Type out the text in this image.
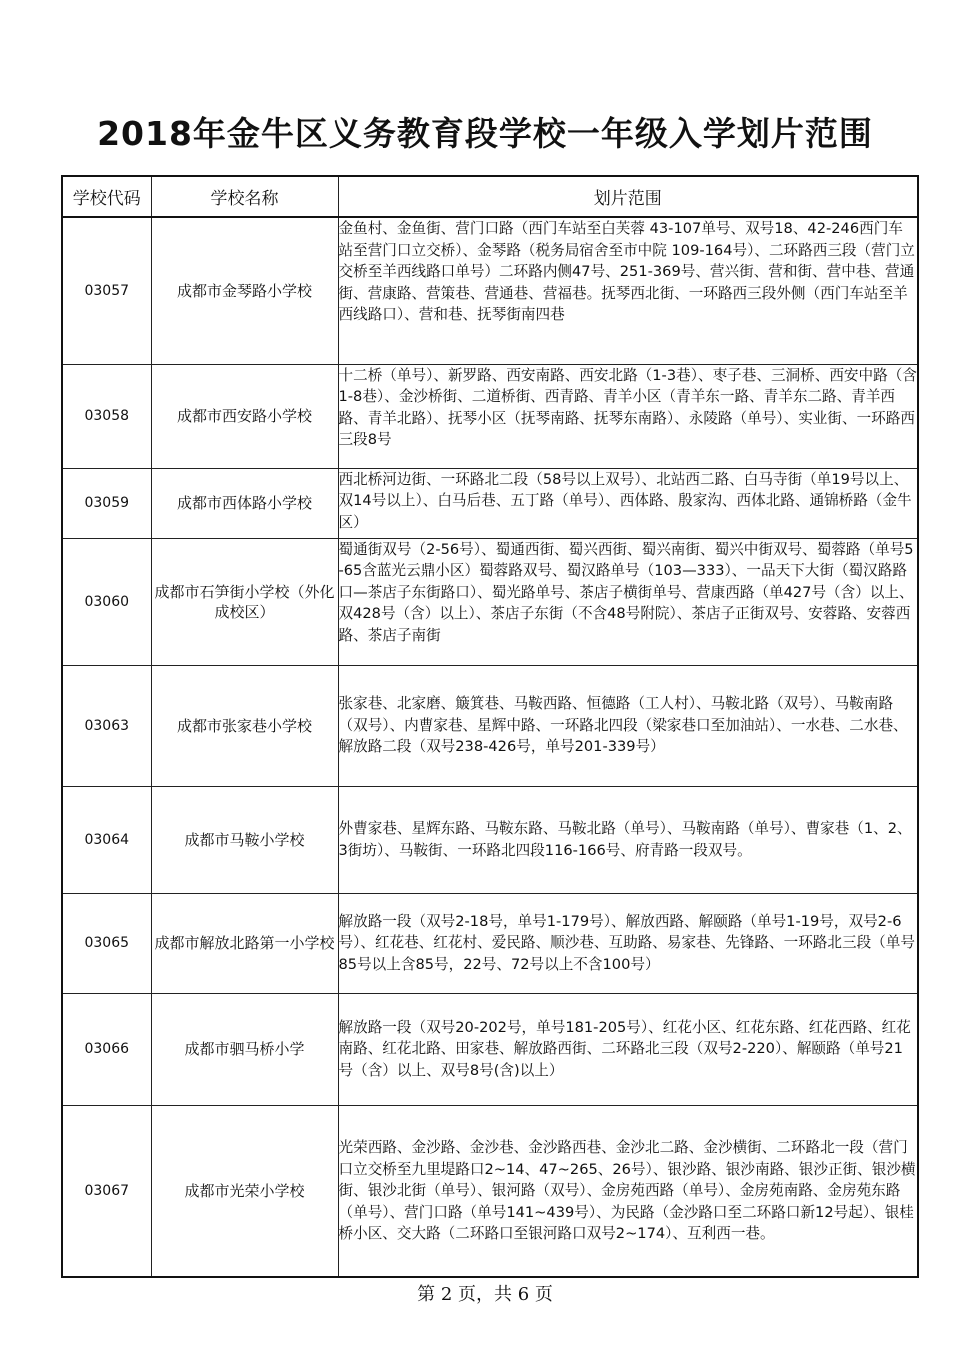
2018年金牛区义务教育段学校一年级入学划片范围
学校代码	学校名称	划片范围
03057	成都市金琴路小学校	金鱼村、金鱼街、营门口路（西门车站至白芙蓉 43-107单号、双号18、42-246西门车站至营门口立交桥）、金琴路（税务局宿舍至市中院 109-164号）、二环路西三段（营门立交桥至羊西线路口单号）二环路内侧47号、251-369号、营兴街、营和街、营中巷、营通街、营康路、营策巷、营通巷、营福巷。抚琴西北街、一环路西三段外侧（西门车站至羊西线路口）、营和巷、抚琴街南四巷
03058	成都市西安路小学校	十二桥（单号）、新罗路、西安南路、西安北路（1-3巷）、枣子巷、三洞桥、西安中路（含1-8巷）、金沙桥街、二道桥街、西青路、青羊小区（青羊东一路、青羊东二路、青羊西路、青羊北路）、抚琴小区（抚琴南路、抚琴东南路）、永陵路（单号）、实业街、一环路西三段8号
03059	成都市西体路小学校	西北桥河边街、一环路北二段（58号以上双号）、北站西二路、白马寺街（单19号以上、双14号以上）、白马后巷、五丁路（单号）、西体路、殷家沟、西体北路、通锦桥路（金牛区）
03060	成都市石笋街小学校（外化成校区）	蜀通街双号（2-56号）、蜀通西街、蜀兴西街、蜀兴南街、蜀兴中街双号、蜀蓉路（单号5-65含蓝光云鼎小区）蜀蓉路双号、蜀汉路单号（103—333）、一品天下大街（蜀汉路路口—茶店子东街路口）、蜀光路单号、茶店子横街单号、营康西路（单427号（含）以上、双428号（含）以上）、茶店子东街（不含48号附院）、茶店子正街双号、安蓉路、安蓉西路、茶店子南街
03063	成都市张家巷小学校	张家巷、北家磨、簸箕巷、马鞍西路、恒德路（工人村）、马鞍北路（双号）、马鞍南路（双号）、内曹家巷、星辉中路、一环路北四段（梁家巷口至加油站）、一水巷、二水巷、解放路二段（双号238-426号，单号201-339号）
03064	成都市马鞍小学校	外曹家巷、星辉东路、马鞍东路、马鞍北路（单号）、马鞍南路（单号）、曹家巷（1、2、3街坊）、马鞍街、一环路北四段116-166号、府青路一段双号。
03065	成都市解放北路第一小学校	解放路一段（双号2-18号，单号1-179号）、解放西路、解颐路（单号1-19号，双号2-6号）、红花巷、红花村、爱民路、顺沙巷、互助路、易家巷、先锋路、一环路北三段（单号85号以上含85号，22号、72号以上不含100号）
03066	成都市驷马桥小学	解放路一段（双号20-202号，单号181-205号）、红花小区、红花东路、红花西路、红花南路、红花北路、田家巷、解放路西街、二环路北三段（双号2-220）、解颐路（单号21号（含）以上、双号8号(含)以上）
03067	成都市光荣小学校	光荣西路、金沙路、金沙巷、金沙路西巷、金沙北二路、金沙横街、二环路北一段（营门口立交桥至九里堤路口2~14、47~265、26号）、银沙路、银沙南路、银沙正街、银沙横街、银沙北街（单号）、银河路（双号）、金房苑西路（单号）、金房苑南路、金房苑东路（单号）、营门口路（单号141~439号）、为民路（金沙路口至二环路口新12号起）、银桂桥小区、交大路（二环路口至银河路口双号2~174）、互利西一巷。
第 2 页，共 6 页
